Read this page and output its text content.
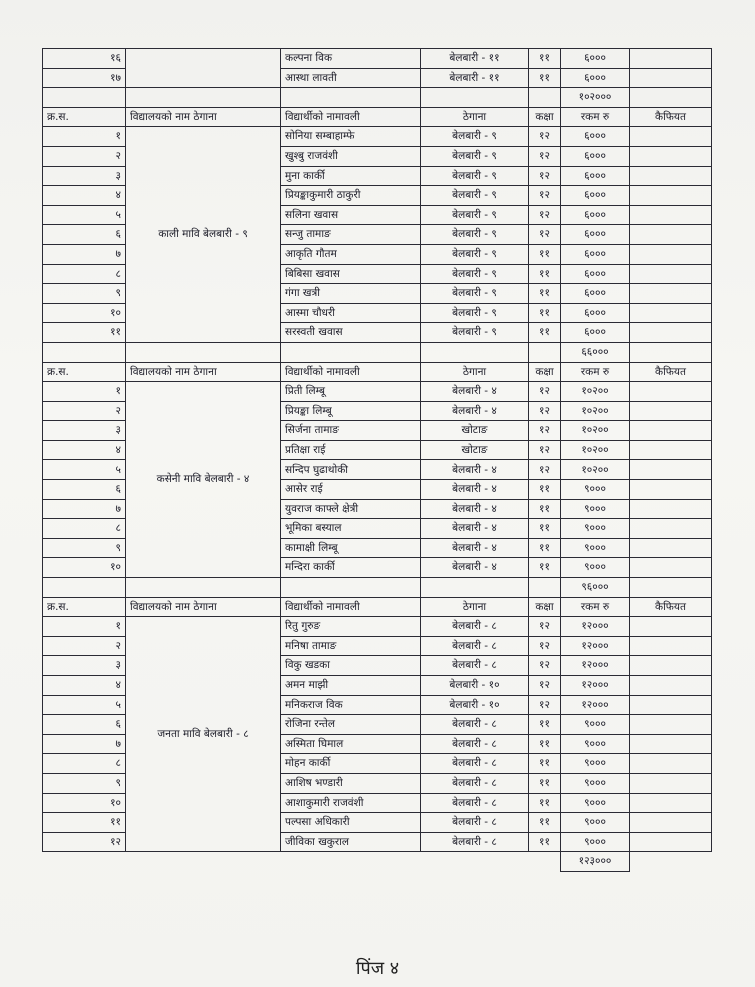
१६		कल्पना विक	बेलबारी - ११	११	६०००	
१७		आस्था लावती	बेलबारी - ११	११	६०००	
					१०२०००	
क्र.स.	विद्यालयको नाम ठेगाना	विद्यार्थीको नामावली	ठेगाना	कक्षा	रकम रु	कैफियत
१	काली मावि बेलबारी - ९	सोनिया सम्बाहाम्फे	बेलबारी - ९	१२	६०००	
२		खुश्बु राजवंशी	बेलबारी - ९	१२	६०००	
३		मुना कार्की	बेलबारी - ९	१२	६०००	
४		प्रियङ्काकुमारी ठाकुरी	बेलबारी - ९	१२	६०००	
५		सलिना खवास	बेलबारी - ९	१२	६०००	
६		सन्जु तामाङ	बेलबारी - ९	१२	६०००	
७		आकृति गौतम	बेलबारी - ९	११	६०००	
८		बिबिसा खवास	बेलबारी - ९	११	६०००	
९		गंगा खत्री	बेलबारी - ९	११	६०००	
१०		आस्मा चौधरी	बेलबारी - ९	११	६०००	
११		सरस्वती खवास	बेलबारी - ९	११	६०००	
					६६०००	
क्र.स.	विद्यालयको नाम ठेगाना	विद्यार्थीको नामावली	ठेगाना	कक्षा	रकम रु	कैफियत
१	कसेनी मावि बेलबारी - ४	प्रिती लिम्बू	बेलबारी - ४	१२	१०२००	
२		प्रियङ्का लिम्बू	बेलबारी - ४	१२	१०२००	
३		सिर्जना तामाङ	खोटाङ	१२	१०२००	
४		प्रतिक्षा राई	खोटाङ	१२	१०२००	
५		सन्दिप घुढाथोकी	बेलबारी - ४	१२	१०२००	
६		आसेर राई	बेलबारी - ४	११	९०००	
७		युवराज काफ्ले क्षेत्री	बेलबारी - ४	११	९०००	
८		भूमिका बस्याल	बेलबारी - ४	११	९०००	
९		कामाक्षी लिम्बू	बेलबारी - ४	११	९०००	
१०		मन्दिरा कार्की	बेलबारी - ४	११	९०००	
					९६०००	
क्र.स.	विद्यालयको नाम ठेगाना	विद्यार्थीको नामावली	ठेगाना	कक्षा	रकम रु	कैफियत
१	जनता मावि बेलबारी - ८	रितु गुरुङ	बेलबारी - ८	१२	१२०००	
२		मनिषा तामाङ	बेलबारी - ८	१२	१२०००	
३		विकु खडका	बेलबारी - ८	१२	१२०००	
४		अमन माझी	बेलबारी - १०	१२	१२०००	
५		मनिकराज विक	बेलबारी - १०	१२	१२०००	
६		रोजिना रन्तेल	बेलबारी - ८	११	९०००	
७		अस्मिता घिमाल	बेलबारी - ८	११	९०००	
८		मोहन कार्की	बेलबारी - ८	११	९०००	
९		आशिष भण्डारी	बेलबारी - ८	११	९०००	
१०		आशाकुमारी राजवंशी	बेलबारी - ८	११	९०००	
११		पल्पसा अधिकारी	बेलबारी - ८	११	९०००	
१२		जीविका खकुराल	बेलबारी - ८	११	९०००	
					१२३०००	
पिंज ४
